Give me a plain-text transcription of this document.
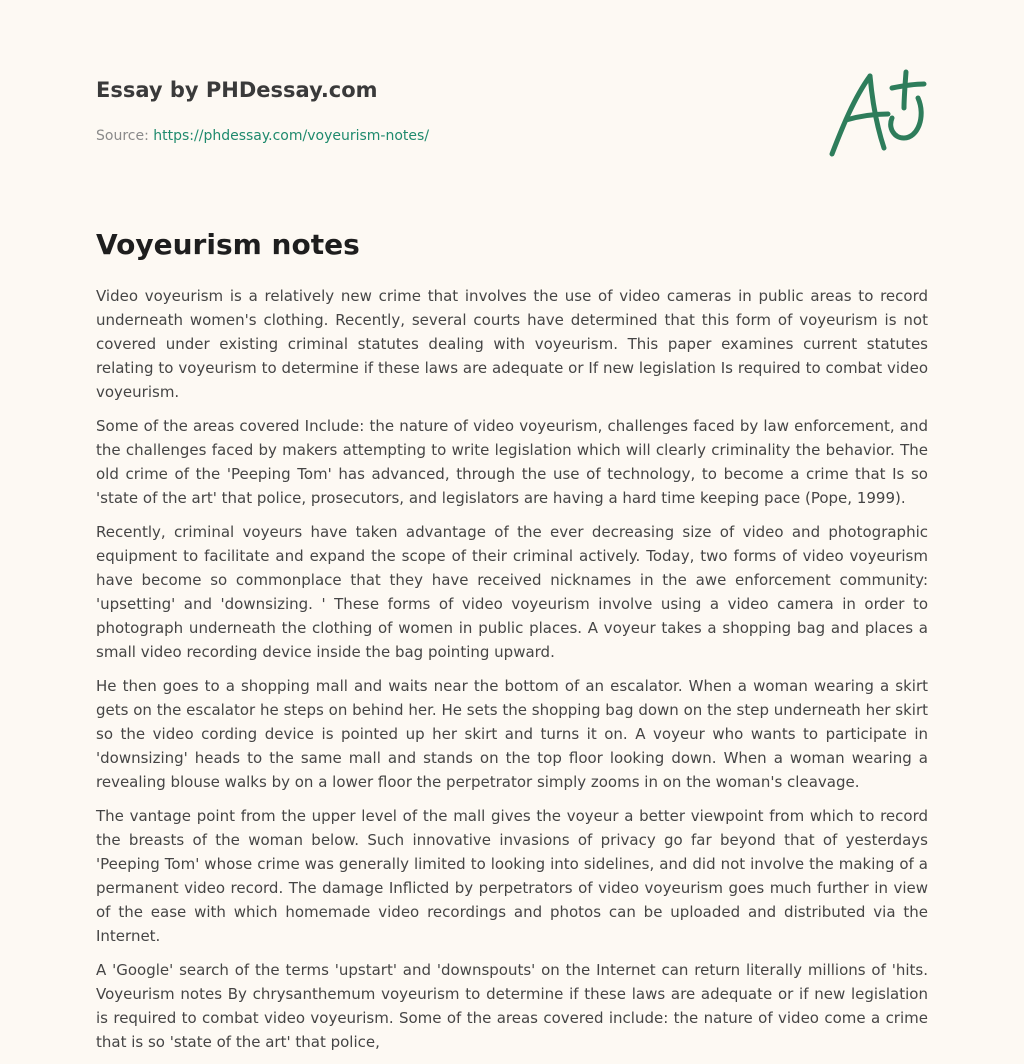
Essay by PHDessay.com
Source: https://phdessay.com/voyeurism-notes/
Voyeurism notes

Video voyeurism is a relatively new crime that involves the use of video cameras in public areas to record underneath women's clothing. Recently, several courts have determined that this form of voyeurism is not covered under existing criminal statutes dealing with voyeurism. This paper examines current statutes relating to voyeurism to determine if these laws are adequate or If new legislation Is required to combat video voyeurism.

Some of the areas covered Include: the nature of video voyeurism, challenges faced by law enforcement, and the challenges faced by makers attempting to write legislation which will clearly criminality the behavior. The old crime of the 'Peeping Tom' has advanced, through the use of technology, to become a crime that Is so 'state of the art' that police, prosecutors, and legislators are having a hard time keeping pace (Pope, 1999).

Recently, criminal voyeurs have taken advantage of the ever decreasing size of video and photographic equipment to facilitate and expand the scope of their criminal actively. Today, two forms of video voyeurism have become so commonplace that they have received nicknames in the awe enforcement community: 'upsetting' and 'downsizing. ' These forms of video voyeurism involve using a video camera in order to photograph underneath the clothing of women in public places. A voyeur takes a shopping bag and places a small video recording device inside the bag pointing upward.

He then goes to a shopping mall and waits near the bottom of an escalator. When a woman wearing a skirt gets on the escalator he steps on behind her. He sets the shopping bag down on the step underneath her skirt so the video cording device is pointed up her skirt and turns it on. A voyeur who wants to participate in 'downsizing' heads to the same mall and stands on the top floor looking down. When a woman wearing a revealing blouse walks by on a lower floor the perpetrator simply zooms in on the woman's cleavage.

The vantage point from the upper level of the mall gives the voyeur a better viewpoint from which to record the breasts of the woman below. Such innovative invasions of privacy go far beyond that of yesterdays 'Peeping Tom' whose crime was generally limited to looking into sidelines, and did not involve the making of a permanent video record. The damage Inflicted by perpetrators of video voyeurism goes much further in view of the ease with which homemade video recordings and photos can be uploaded and distributed via the Internet.

A 'Google' search of the terms 'upstart' and 'downspouts' on the Internet can return literally millions of 'hits. Voyeurism notes By chrysanthemum voyeurism to determine if these laws are adequate or if new legislation is required to combat video voyeurism. Some of the areas covered include: the nature of video come a crime that is so 'state of the art' that police,
